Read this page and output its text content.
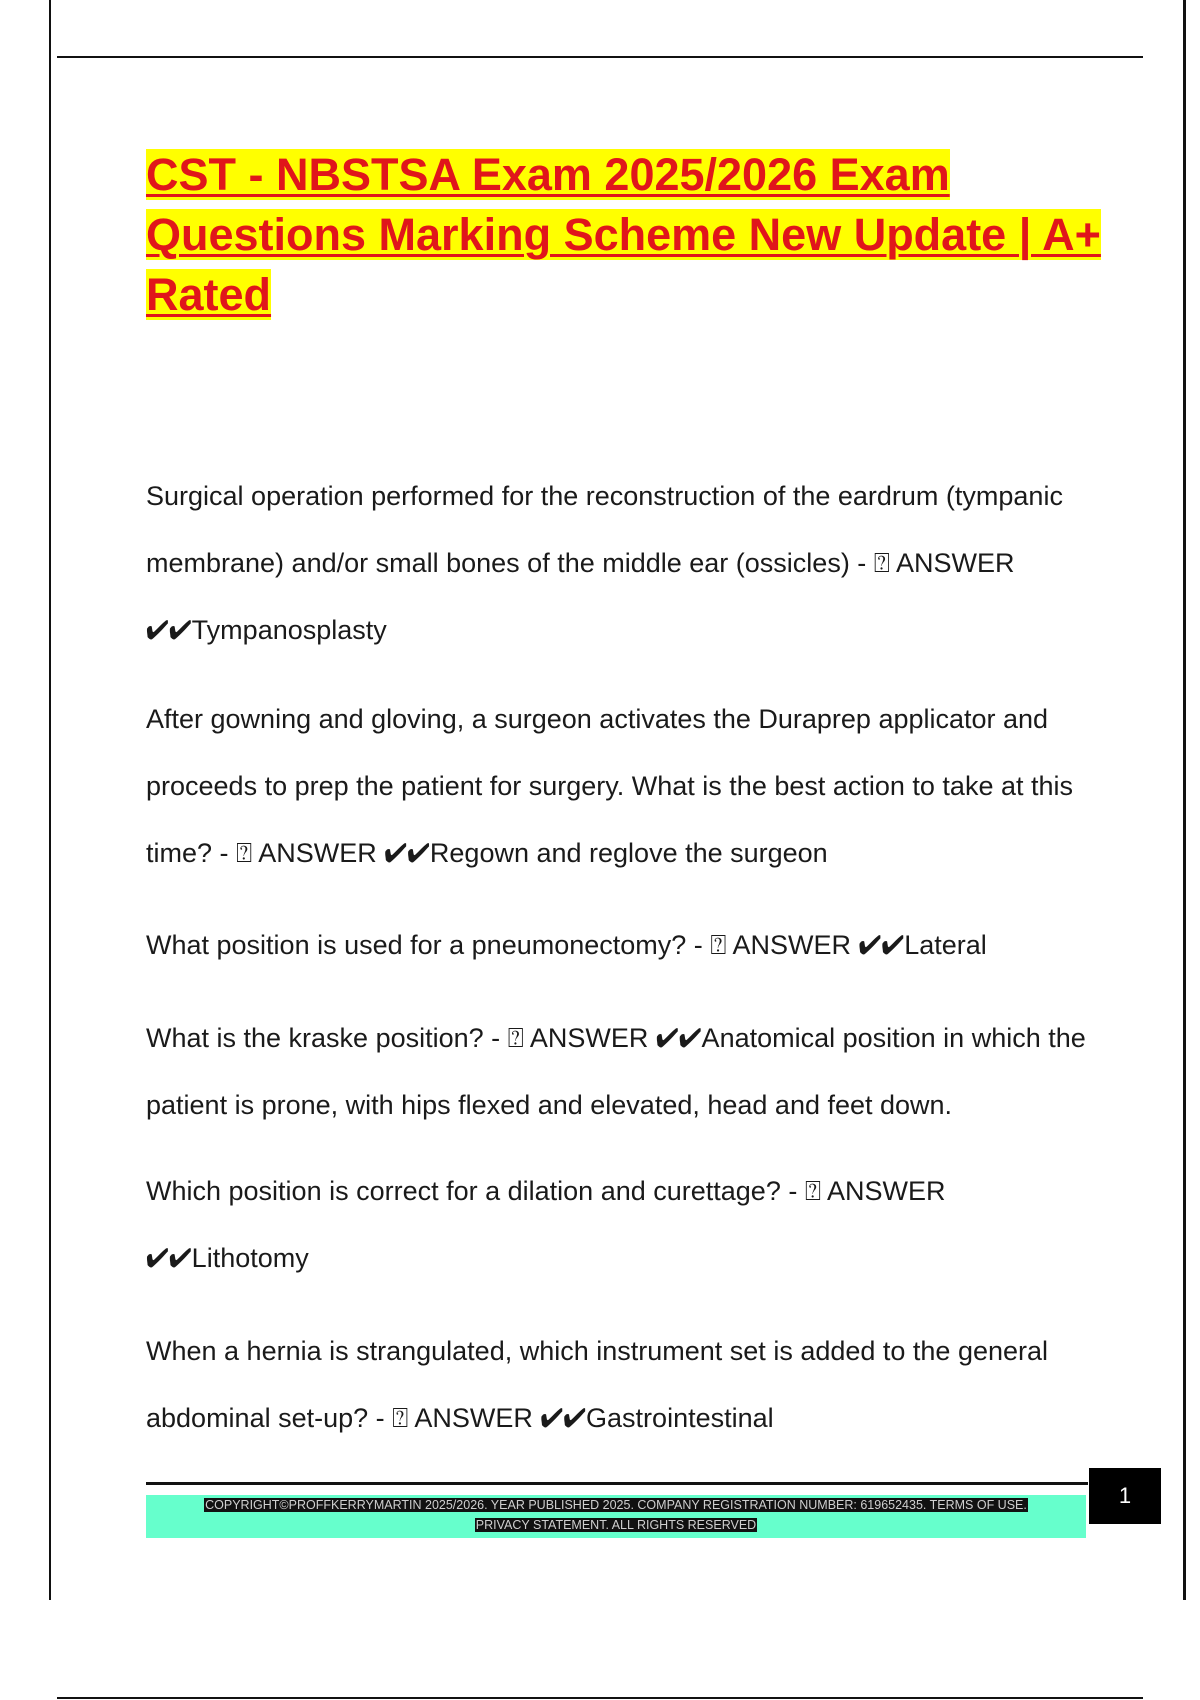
CST - NBSTSA Exam 2025/2026 Exam Questions Marking Scheme New Update | A+ Rated

Surgical operation performed for the reconstruction of the eardrum (tympanic membrane) and/or small bones of the middle ear (ossicles) - ⍰ ANSWER ✔✔Tympanosplasty

After gowning and gloving, a surgeon activates the Duraprep applicator and proceeds to prep the patient for surgery. What is the best action to take at this time? - ⍰ ANSWER ✔✔Regown and reglove the surgeon

What position is used for a pneumonectomy? - ⍰ ANSWER ✔✔Lateral

What is the kraske position? - ⍰ ANSWER ✔✔Anatomical position in which the patient is prone, with hips flexed and elevated, head and feet down.

Which position is correct for a dilation and curettage? - ⍰ ANSWER ✔✔Lithotomy

When a hernia is strangulated, which instrument set is added to the general abdominal set-up? - ⍰ ANSWER ✔✔Gastrointestinal

COPYRIGHT©PROFFKERRYMARTIN 2025/2026. YEAR PUBLISHED 2025. COMPANY REGISTRATION NUMBER: 619652435. TERMS OF USE.
PRIVACY STATEMENT. ALL RIGHTS RESERVED
1
